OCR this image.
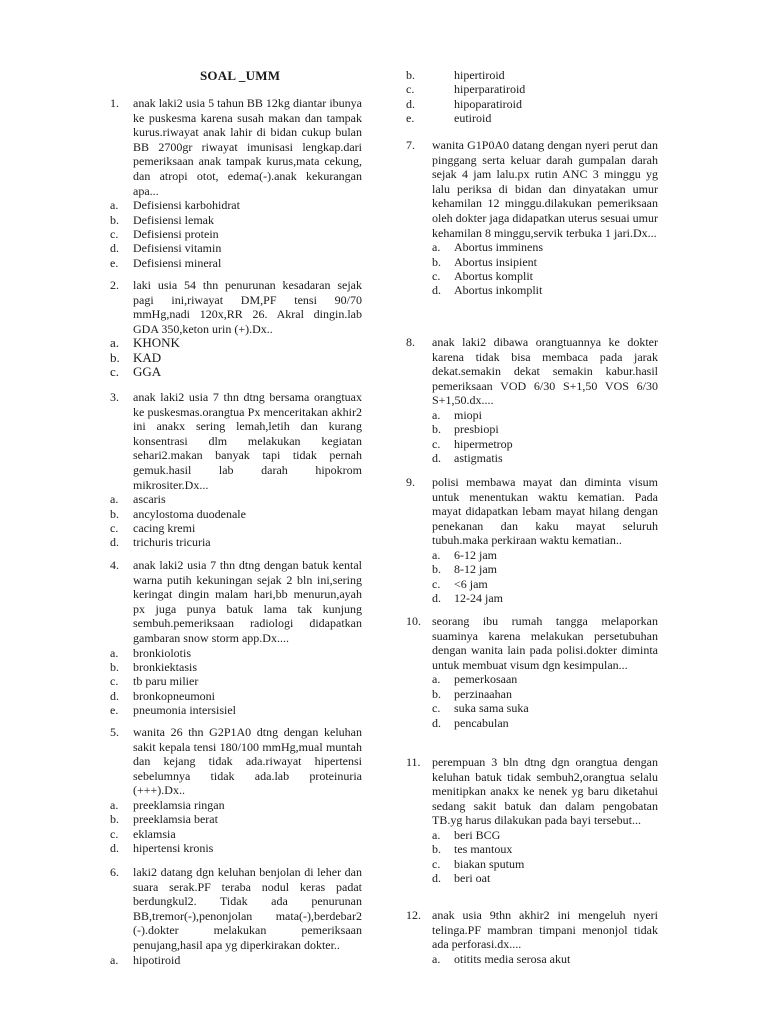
SOAL _UMM
1.	anak laki2 usia 5 tahun BB 12kg diantar ibunya ke puskesma karena susah makan dan tampak kurus.riwayat anak lahir di bidan cukup bulan BB 2700gr riwayat imunisasi lengkap.dari pemeriksaan anak tampak kurus,mata cekung, dan atropi otot, edema(-).anak kekurangan apa...
a. Defisiensi karbohidrat
b. Defisiensi lemak
c. Defisiensi protein
d. Defisiensi vitamin
e. Defisiensi mineral
2.	laki usia 54 thn penurunan kesadaran sejak pagi ini,riwayat DM,PF tensi 90/70 mmHg,nadi 120x,RR 26. Akral dingin.lab GDA 350,keton urin (+).Dx..
a. KHONK
b. KAD
c. GGA
3.	anak laki2 usia 7 thn dtng bersama orangtuax ke puskesmas.orangtua Px menceritakan akhir2 ini anakx sering lemah,letih dan kurang konsentrasi dlm melakukan kegiatan sehari2.makan banyak tapi tidak pernah gemuk.hasil lab darah hipokrom mikrositer.Dx...
a. ascaris
b. ancylostoma duodenale
c. cacing kremi
d. trichuris tricuria
4.	anak laki2 usia 7 thn dtng dengan batuk kental warna putih kekuningan sejak 2 bln ini,sering keringat dingin malam hari,bb menurun,ayah px juga punya batuk lama tak kunjung sembuh.pemeriksaan radiologi didapatkan gambaran snow storm app.Dx....
a. bronkiolotis
b. bronkiektasis
c. tb paru milier
d. bronkopneumoni
e. pneumonia intersisiel
5.	wanita 26 thn G2P1A0 dtng dengan keluhan sakit kepala tensi 180/100 mmHg,mual muntah dan kejang tidak ada.riwayat hipertensi sebelumnya tidak ada.lab proteinuria (+++).Dx..
a. preeklamsia ringan
b. preeklamsia berat
c. eklamsia
d. hipertensi kronis
6.	laki2 datang dgn keluhan benjolan di leher dan suara serak.PF teraba nodul keras padat berdungkul2. Tidak ada penurunan BB,tremor(-),penonjolan mata(-),berdebar2 (-).dokter melakukan pemeriksaan penujang,hasil apa yg diperkirakan dokter..
a. hipotiroid
b.	hipertiroid
c.	hiperparatiroid
d.	hipoparatiroid
e.	eutiroid
7.	wanita G1P0A0 datang dengan nyeri perut dan pinggang serta keluar darah gumpalan darah sejak 4 jam lalu.px rutin ANC 3 minggu yg lalu periksa di bidan dan dinyatakan umur kehamilan 12 minggu.dilakukan pemeriksaan oleh dokter jaga didapatkan uterus sesuai umur kehamilan 8 minggu,servik terbuka 1 jari.Dx...
a. Abortus imminens
b. Abortus insipient
c. Abortus komplit
d. Abortus inkomplit
8.	anak laki2 dibawa orangtuannya ke dokter karena tidak bisa membaca pada jarak dekat.semakin dekat semakin kabur.hasil pemeriksaan VOD 6/30 S+1,50 VOS 6/30 S+1,50.dx....
a. miopi
b. presbiopi
c. hipermetrop
d. astigmatis
9.	polisi membawa mayat dan diminta visum untuk menentukan waktu kematian. Pada mayat didapatkan lebam mayat hilang dengan penekanan dan kaku mayat seluruh tubuh.maka perkiraan waktu kematian..
a. 6-12 jam
b. 8-12 jam
c. <6 jam
d. 12-24 jam
10. seorang ibu rumah tangga melaporkan suaminya karena melakukan persetubuhan dengan wanita lain pada polisi.dokter diminta untuk membuat visum dgn kesimpulan...
a. pemerkosaan
b. perzinaahan
c. suka sama suka
d. pencabulan
11. perempuan 3 bln dtng dgn orangtua dengan keluhan batuk tidak sembuh2,orangtua selalu menitipkan anakx ke nenek yg baru diketahui sedang sakit batuk dan dalam pengobatan TB.yg harus dilakukan pada bayi tersebut...
a. beri BCG
b. tes mantoux
c. biakan sputum
d. beri oat
12. anak usia 9thn akhir2 ini mengeluh nyeri telinga.PF mambran timpani menonjol tidak ada perforasi.dx....
a. otitits media serosa akut
